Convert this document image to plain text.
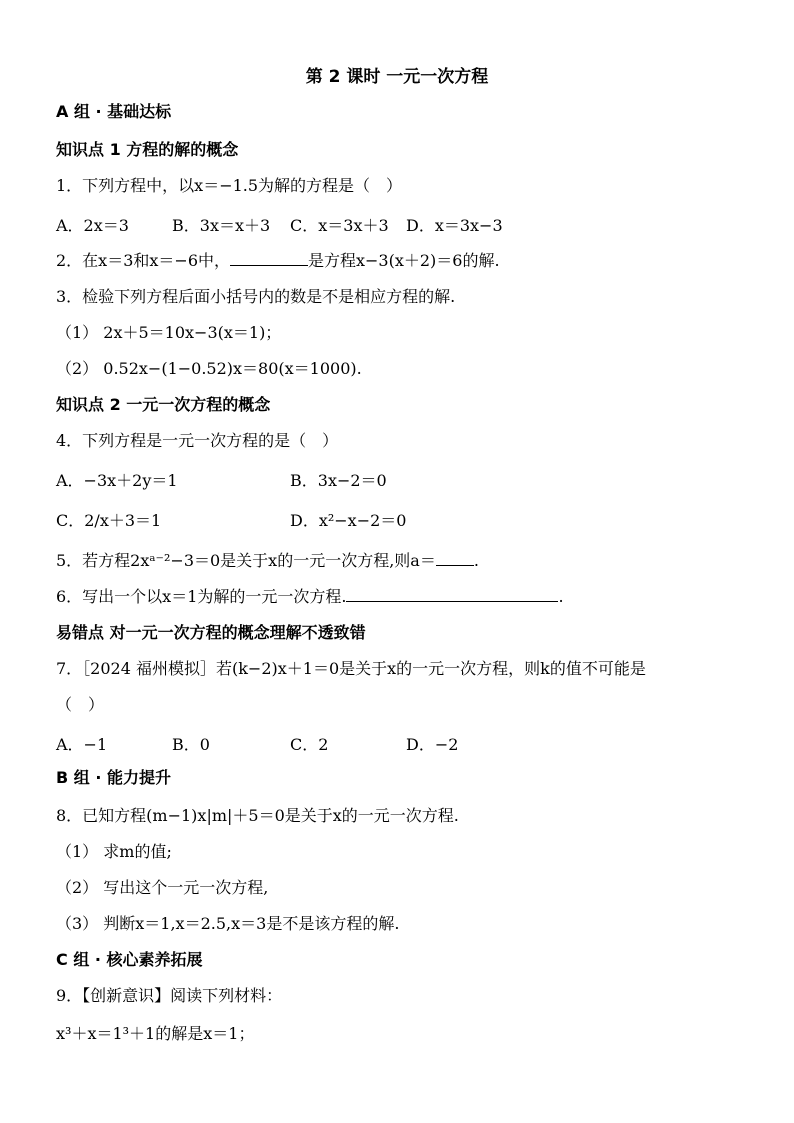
第 2 课时 一元一次方程
A 组 · 基础达标
知识点 1 方程的解的概念
1．下列方程中，以x＝−1.5为解的方程是（　）
A．2x＝3	B．3x＝x＋3 C．x＝3x＋3 D．x＝3x−3
2．在x＝3和x＝−6中，	是方程x−3(x＋2)＝6的解.
3．检验下列方程后面小括号内的数是不是相应方程的解.
（1） 2x＋5＝10x−3(x＝1)；
（2） 0.52x−(1−0.52)x＝80(x＝1000).
知识点 2 一元一次方程的概念
4．下列方程是一元一次方程的是（　）
A．−3x＋2y＝1	B．3x−2＝0
C．2/x＋3＝1	D．x²−x−2＝0
5．若方程2xᵃ⁻²−3＝0是关于x的一元一次方程,则a＝ .
6．写出一个以x＝1为解的一元一次方程.	.
易错点 对一元一次方程的概念理解不透致错
7．［2024 福州模拟］若(k−2)x＋1＝0是关于x的一元一次方程，则k的值不可能是
（　）
A．−1	B．0	C．2	D．−2
B 组 · 能力提升
8．已知方程(m−1)x|m|＋5＝0是关于x的一元一次方程.
（1） 求m的值;
（2） 写出这个一元一次方程,
（3） 判断x＝1,x＝2.5,x＝3是不是该方程的解.
C 组 · 核心素养拓展
9．【创新意识】阅读下列材料：
x³＋x＝1³＋1的解是x＝1；
